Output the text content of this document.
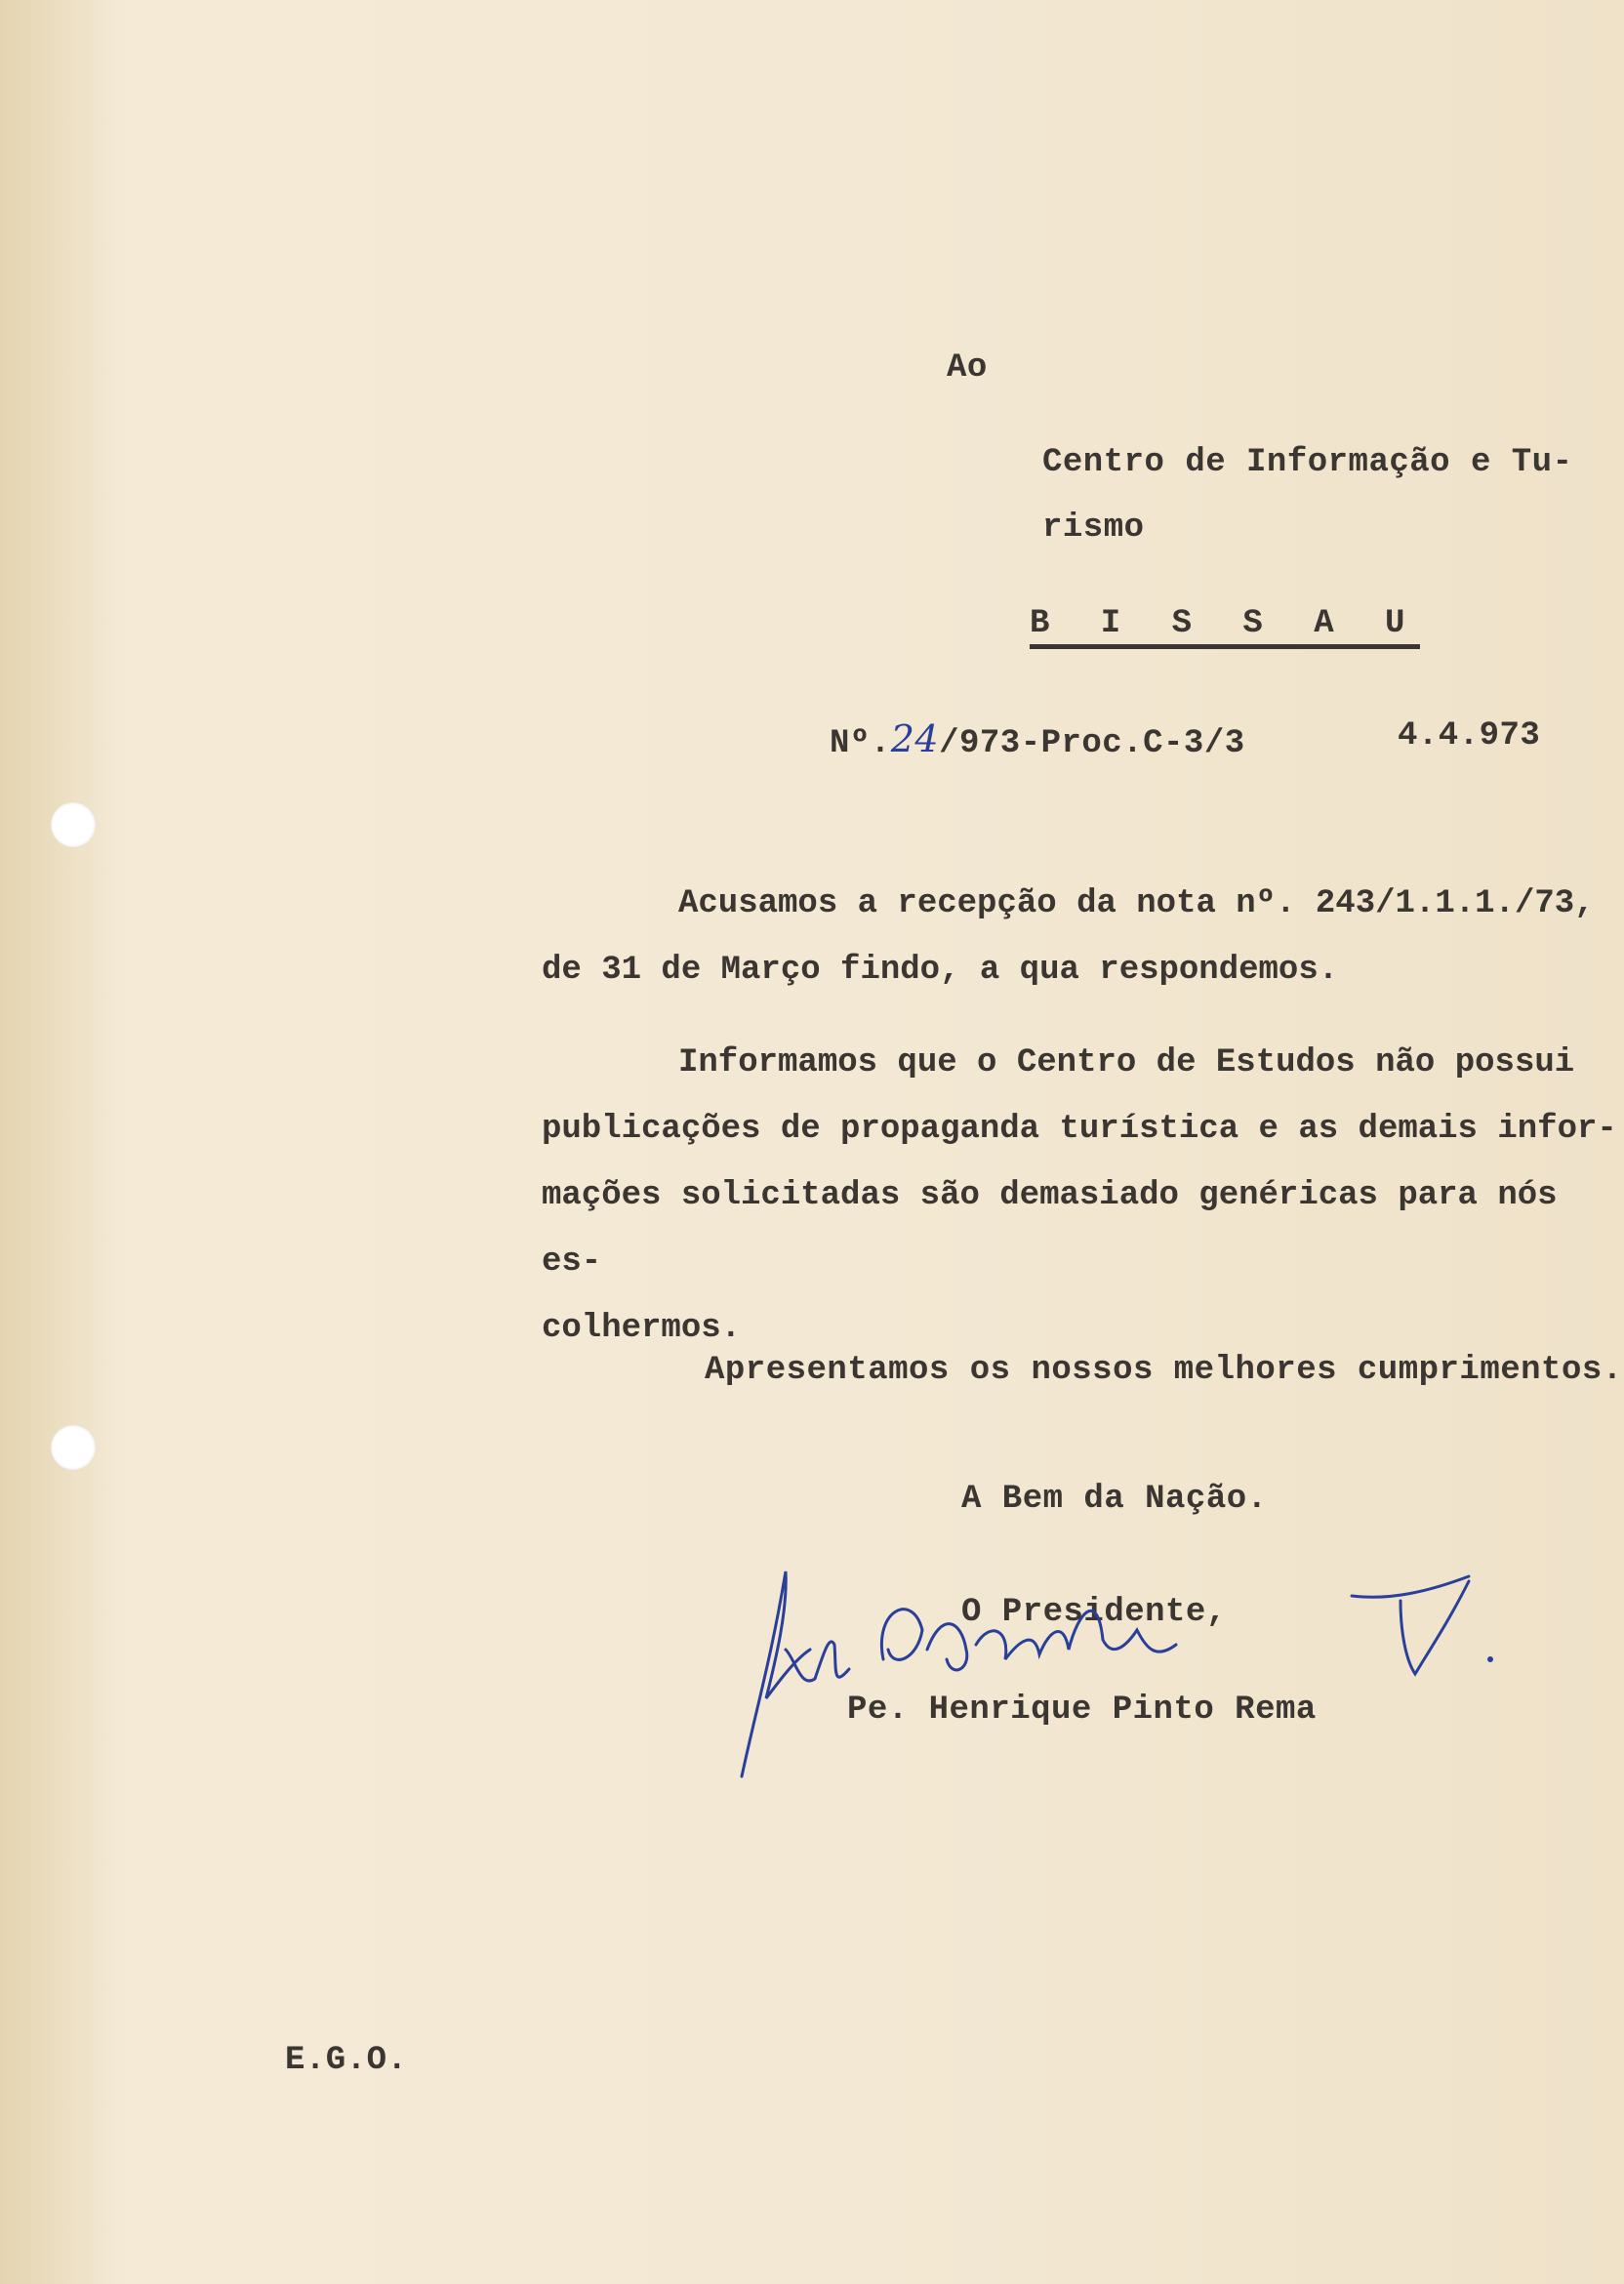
Ao
Centro de Informação e Tu-
rismo
B I S S A U
Nº.24/973-Proc.C-3/3	4.4.973
Acusamos a recepção da nota nº. 243/1.1.1./73,
de 31 de Março findo, a qua respondemos.
Informamos que o Centro de Estudos não possui
publicações de propaganda turística e as demais infor-
mações solicitadas são demasiado genéricas para nós es-
colhermos.
Apresentamos os nossos melhores cumprimentos.
A Bem da Nação.
O Presidente,
Pe. Henrique Pinto Rema
E.G.O.
